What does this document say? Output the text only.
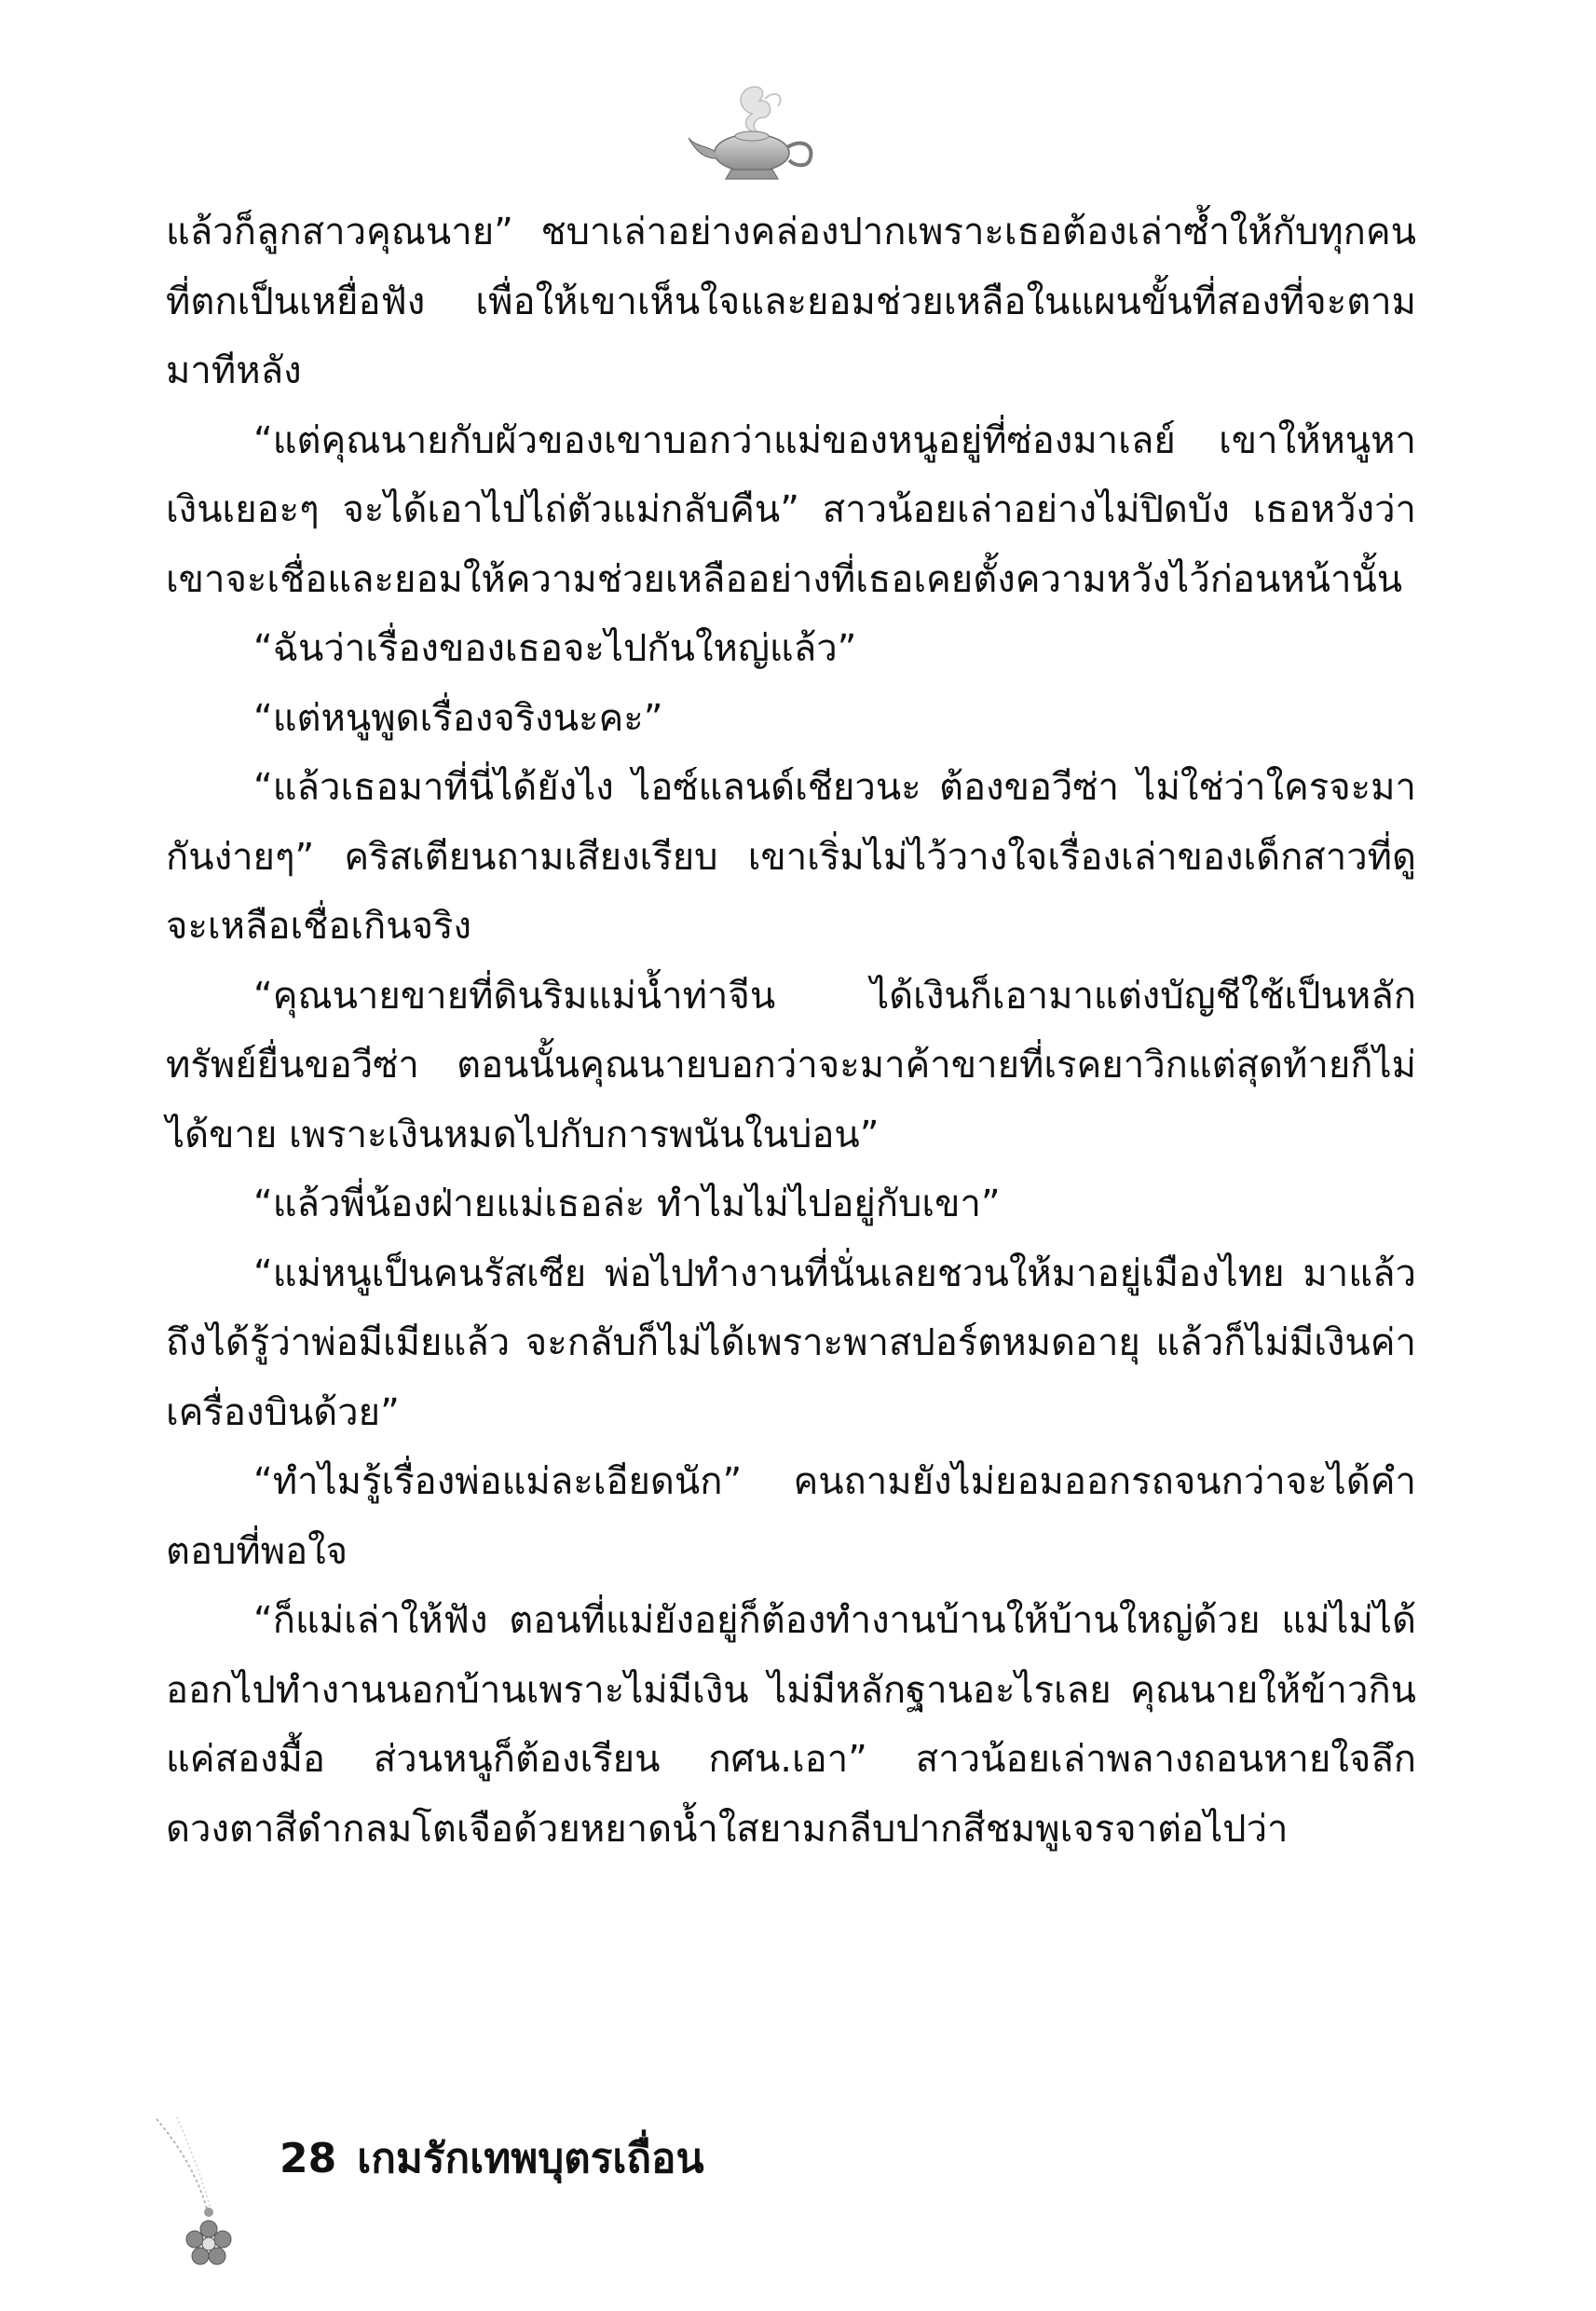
แล้วก็ลูกสาวคุณนาย” ชบาเล่าอย่างคล่องปากเพราะเธอต้องเล่าซ้ำให้กับทุกคนที่ตกเป็นเหยื่อฟัง เพื่อให้เขาเห็นใจและยอมช่วยเหลือในแผนขั้นที่สองที่จะตามมาทีหลัง

“แต่คุณนายกับผัวของเขาบอกว่าแม่ของหนูอยู่ที่ซ่องมาเลย์ เขาให้หนูหาเงินเยอะๆ จะได้เอาไปไถ่ตัวแม่กลับคืน” สาวน้อยเล่าอย่างไม่ปิดบัง เธอหวังว่าเขาจะเชื่อและยอมให้ความช่วยเหลืออย่างที่เธอเคยตั้งความหวังไว้ก่อนหน้านั้น

“ฉันว่าเรื่องของเธอจะไปกันใหญ่แล้ว”

“แต่หนูพูดเรื่องจริงนะคะ”

“แล้วเธอมาที่นี่ได้ยังไง ไอซ์แลนด์เชียวนะ ต้องขอวีซ่า ไม่ใช่ว่าใครจะมากันง่ายๆ” คริสเตียนถามเสียงเรียบ เขาเริ่มไม่ไว้วางใจเรื่องเล่าของเด็กสาวที่ดูจะเหลือเชื่อเกินจริง

“คุณนายขายที่ดินริมแม่น้ำท่าจีน ได้เงินก็เอามาแต่งบัญชีใช้เป็นหลักทรัพย์ยื่นขอวีซ่า ตอนนั้นคุณนายบอกว่าจะมาค้าขายที่เรคยาวิกแต่สุดท้ายก็ไม่ได้ขาย เพราะเงินหมดไปกับการพนันในบ่อน”

“แล้วพี่น้องฝ่ายแม่เธอล่ะ ทำไมไม่ไปอยู่กับเขา”

“แม่หนูเป็นคนรัสเซีย พ่อไปทำงานที่นั่นเลยชวนให้มาอยู่เมืองไทย มาแล้วถึงได้รู้ว่าพ่อมีเมียแล้ว จะกลับก็ไม่ได้เพราะพาสปอร์ตหมดอายุ แล้วก็ไม่มีเงินค่าเครื่องบินด้วย”

“ทำไมรู้เรื่องพ่อแม่ละเอียดนัก” คนถามยังไม่ยอมออกรถจนกว่าจะได้คำตอบที่พอใจ

“ก็แม่เล่าให้ฟัง ตอนที่แม่ยังอยู่ก็ต้องทำงานบ้านให้บ้านใหญ่ด้วย แม่ไม่ได้ออกไปทำงานนอกบ้านเพราะไม่มีเงิน ไม่มีหลักฐานอะไรเลย คุณนายให้ข้าวกินแค่สองมื้อ ส่วนหนูก็ต้องเรียน กศน.เอา” สาวน้อยเล่าพลางถอนหายใจลึก ดวงตาสีดำกลมโตเจือด้วยหยาดน้ำใสยามกลีบปากสีชมพูเจรจาต่อไปว่า

28 เกมรักเทพบุตรเถื่อน
